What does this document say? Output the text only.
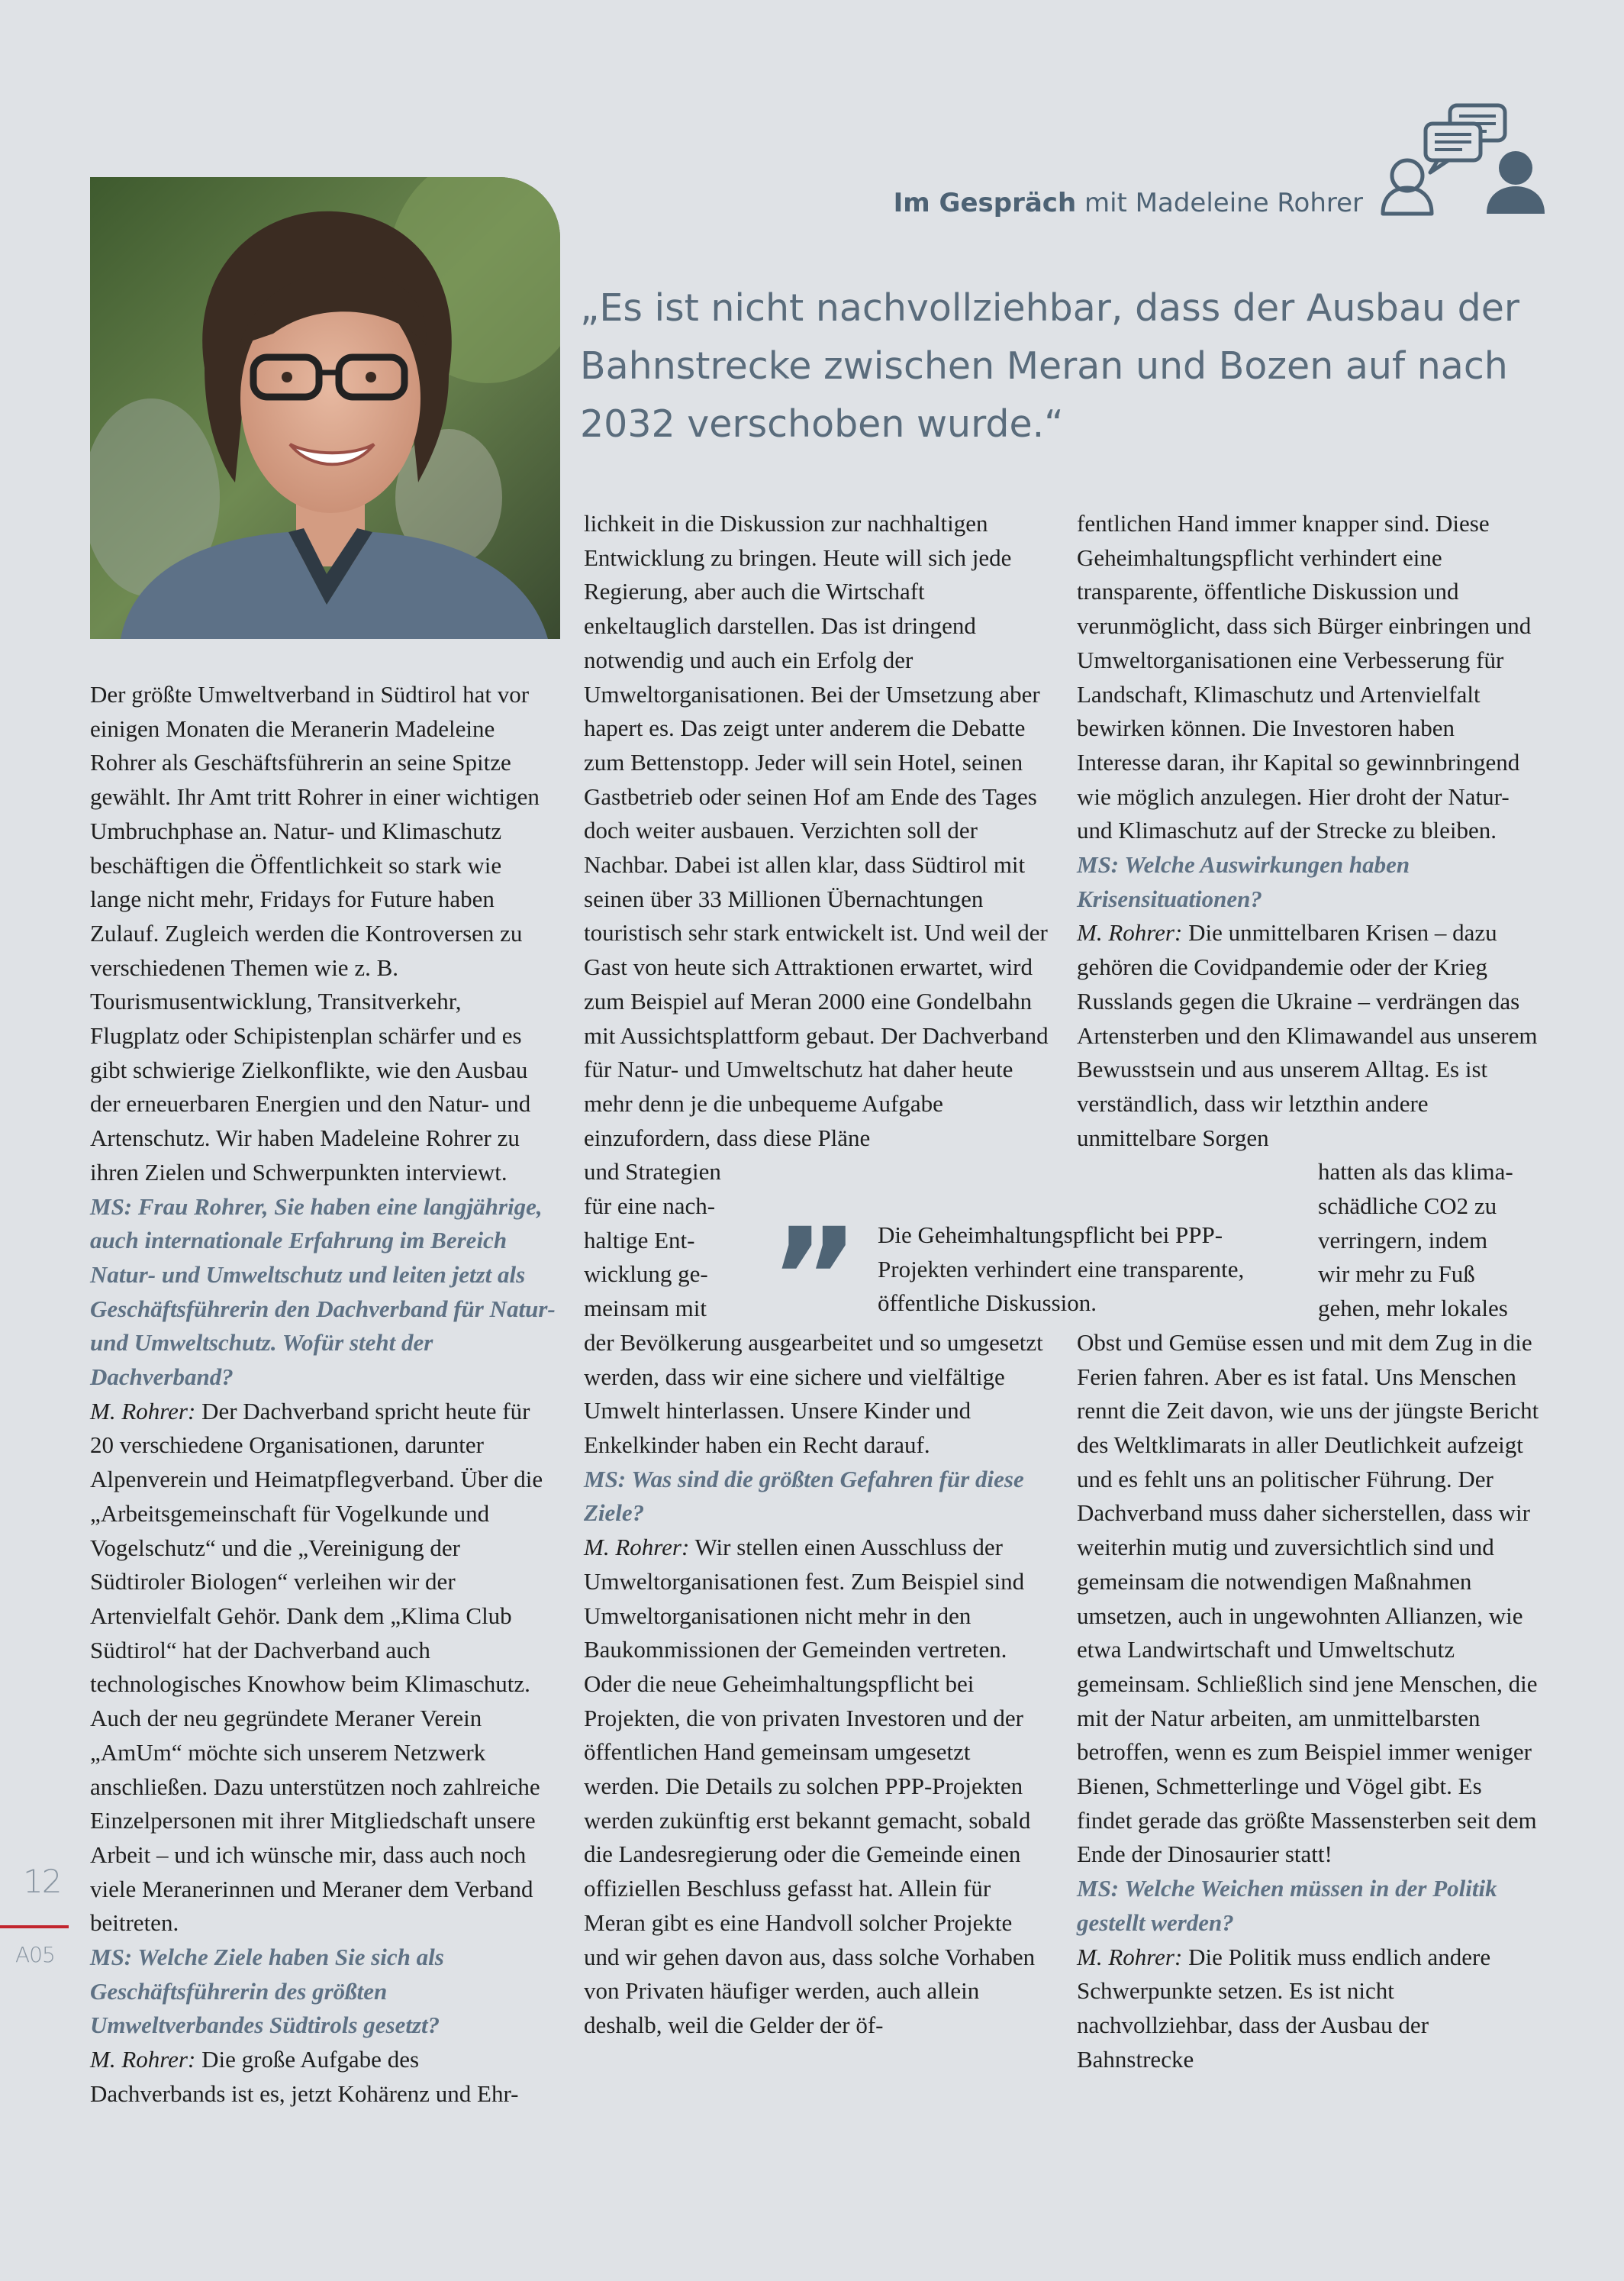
Im Gespräch mit Madeleine Rohrer
„Es ist nicht nachvollziehbar, dass der Ausbau der Bahnstrecke zwischen Meran und Bozen auf nach 2032 verschoben wurde.“

Der größte Umweltverband in Südtirol hat vor einigen Monaten die Meranerin Madeleine Rohrer als Geschäftsführerin an seine Spitze gewählt. Ihr Amt tritt Rohrer in einer wichtigen Umbruchphase an. Natur- und Klimaschutz beschäftigen die Öffentlichkeit so stark wie lange nicht mehr, Fridays for Future haben Zulauf. Zugleich werden die Kontroversen zu verschiedenen Themen wie z. B. Tourismusentwicklung, Transitverkehr, Flugplatz oder Schipistenplan schärfer und es gibt schwierige Zielkonflikte, wie den Ausbau der erneuerbaren Energien und den Natur- und Artenschutz. Wir haben Madeleine Rohrer zu ihren Zielen und Schwerpunkten interviewt.

MS: Frau Rohrer, Sie haben eine langjährige, auch internationale Erfahrung im Bereich Natur- und Umweltschutz und leiten jetzt als Geschäftsführerin den Dachverband für Natur- und Umweltschutz. Wofür steht der Dachverband?

M. Rohrer: Der Dachverband spricht heute für 20 verschiedene Organisationen, darunter Alpenverein und Heimatpflegverband. Über die „Arbeitsgemeinschaft für Vogelkunde und Vogelschutz“ und die „Vereinigung der Südtiroler Biologen“ verleihen wir der Artenvielfalt Gehör. Dank dem „Klima Club Südtirol“ hat der Dachverband auch technologisches Knowhow beim Klimaschutz. Auch der neu gegründete Meraner Verein „AmUm“ möchte sich unserem Netzwerk anschließen. Dazu unterstützen noch zahlreiche Einzelpersonen mit ihrer Mitgliedschaft unsere Arbeit – und ich wünsche mir, dass auch noch viele Meranerinnen und Meraner dem Verband beitreten.

MS: Welche Ziele haben Sie sich als Geschäftsführerin des größten Umweltverbandes Südtirols gesetzt?

M. Rohrer: Die große Aufgabe des Dachverbands ist es, jetzt Kohärenz und Ehr-

lichkeit in die Diskussion zur nachhaltigen Entwicklung zu bringen. Heute will sich jede Regierung, aber auch die Wirtschaft enkeltauglich darstellen. Das ist dringend notwendig und auch ein Erfolg der Umweltorganisationen. Bei der Umsetzung aber hapert es. Das zeigt unter anderem die Debatte zum Bettenstopp. Jeder will sein Hotel, seinen Gastbetrieb oder seinen Hof am Ende des Tages doch weiter ausbauen. Verzichten soll der Nachbar. Dabei ist allen klar, dass Südtirol mit seinen über 33 Millionen Übernachtungen touristisch sehr stark entwickelt ist. Und weil der Gast von heute sich Attraktionen erwartet, wird zum Beispiel auf Meran 2000 eine Gondelbahn mit Aussichtsplattform gebaut. Der Dachverband für Natur- und Umweltschutz hat daher heute mehr denn je die unbequeme Aufgabe einzufordern, dass diese Pläne

und Strategien

für eine nach-

haltige Ent-

wicklung ge-

meinsam mit

der Bevölkerung ausgearbeitet und so umgesetzt werden, dass wir eine sichere und vielfältige Umwelt hinterlassen. Unsere Kinder und Enkelkinder haben ein Recht darauf.

MS: Was sind die größten Gefahren für diese Ziele?

M. Rohrer: Wir stellen einen Ausschluss der Umweltorganisationen fest. Zum Beispiel sind Umweltorganisationen nicht mehr in den Baukommissionen der Gemeinden vertreten. Oder die neue Geheimhaltungspflicht bei Projekten, die von privaten Investoren und der öffentlichen Hand gemeinsam umgesetzt werden. Die Details zu solchen PPP-Projekten werden zukünftig erst bekannt gemacht, sobald die Landesregierung oder die Gemeinde einen offiziellen Beschluss gefasst hat. Allein für Meran gibt es eine Handvoll solcher Projekte und wir gehen davon aus, dass solche Vorhaben von Privaten häufiger werden, auch allein deshalb, weil die Gelder der öf-

” Die Geheimhaltungspflicht bei PPP-Projekten verhindert eine transparente, öffentliche Diskussion.

fentlichen Hand immer knapper sind. Diese Geheimhaltungspflicht verhindert eine transparente, öffentliche Diskussion und verunmöglicht, dass sich Bürger einbringen und Umweltorganisationen eine Verbesserung für Landschaft, Klimaschutz und Artenvielfalt bewirken können. Die Investoren haben Interesse daran, ihr Kapital so gewinnbringend wie möglich anzulegen. Hier droht der Natur- und Klimaschutz auf der Strecke zu bleiben.

MS: Welche Auswirkungen haben Krisensituationen?

M. Rohrer: Die unmittelbaren Krisen – dazu gehören die Covidpandemie oder der Krieg Russlands gegen die Ukraine – verdrängen das Artensterben und den Klimawandel aus unserem Bewusstsein und aus unserem Alltag. Es ist verständlich, dass wir letzthin andere unmittelbare Sorgen

hatten als das klima-

schädliche CO2 zu

verringern, indem

wir mehr zu Fuß

gehen, mehr lokales

Obst und Gemüse essen und mit dem Zug in die Ferien fahren. Aber es ist fatal. Uns Menschen rennt die Zeit davon, wie uns der jüngste Bericht des Weltklimarats in aller Deutlichkeit aufzeigt und es fehlt uns an politischer Führung. Der Dachverband muss daher sicherstellen, dass wir weiterhin mutig und zuversichtlich sind und gemeinsam die notwendigen Maßnahmen umsetzen, auch in ungewohnten Allianzen, wie etwa Landwirtschaft und Umweltschutz gemeinsam. Schließlich sind jene Menschen, die mit der Natur arbeiten, am unmittelbarsten betroffen, wenn es zum Beispiel immer weniger Bienen, Schmetterlinge und Vögel gibt. Es findet gerade das größte Massensterben seit dem Ende der Dinosaurier statt!

MS: Welche Weichen müssen in der Politik gestellt werden?

M. Rohrer: Die Politik muss endlich andere Schwerpunkte setzen. Es ist nicht nachvollziehbar, dass der Ausbau der Bahnstrecke

12
A05
